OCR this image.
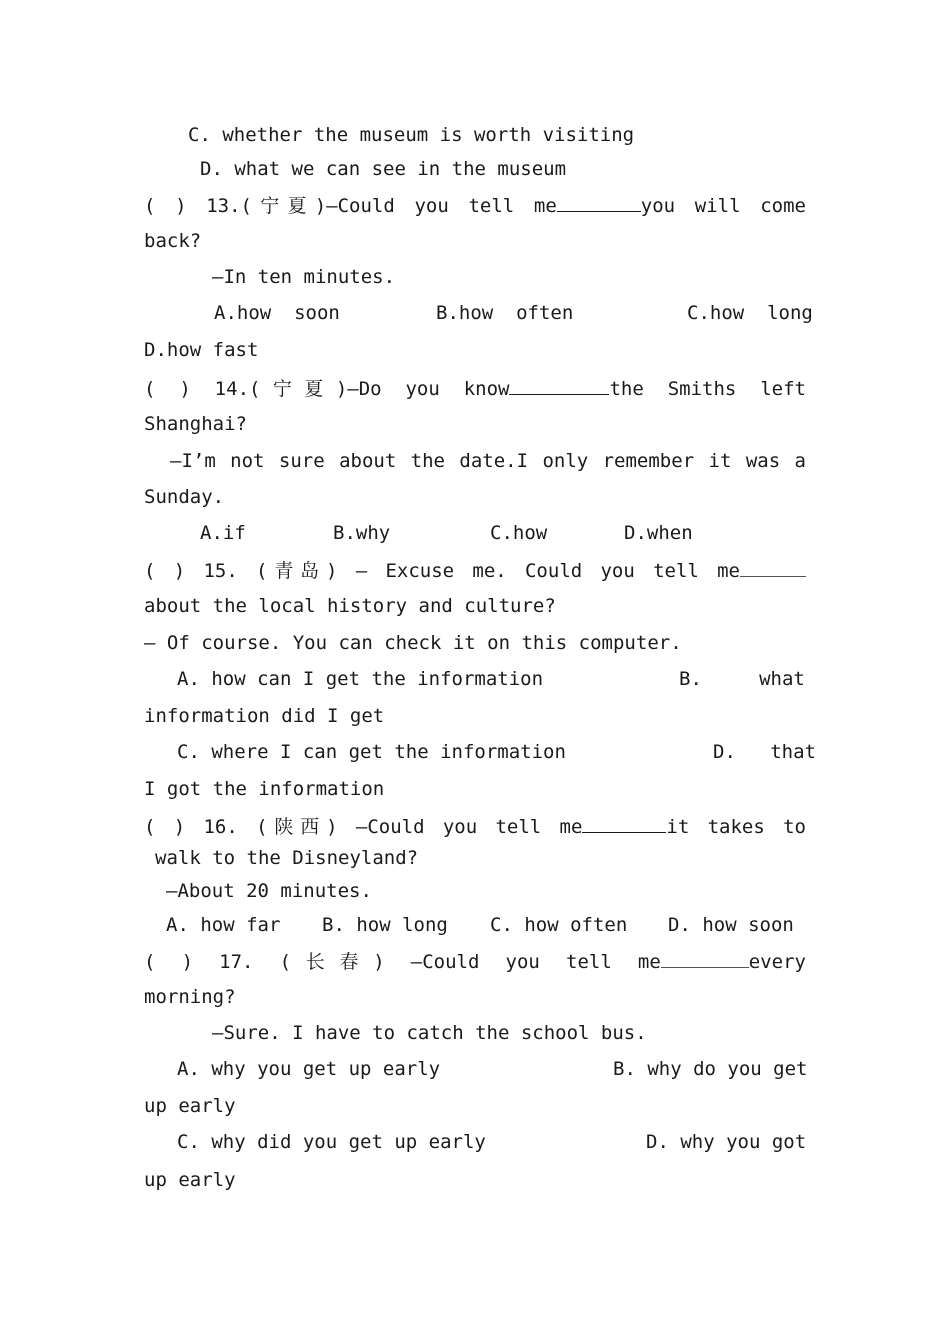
C. whether the museum is worth visiting
D. what we can see in the museum
( ) 13.(宁夏)—Could you tell me	you will come
back?
—In ten minutes.
A.how  soon	B.how  often	C.how  long
D.how fast
( ) 14.(宁夏)—Do you know	the Smiths left
Shanghai?
—I’m not sure about the date.I only remember it was a
Sunday.
A.if	B.why	C.how	D.when
( ) 15. (青岛) — Excuse me. Could you tell me
about the local history and culture?
— Of course. You can check it on this computer.
A. how can I get the information	B.     what
information did I get
C. where I can get the information	D.   that
I got the information
( ) 16. (陕西) —Could you tell me	it takes to
walk to the Disneyland?
—About 20 minutes.
A. how far B. how long C. how often D. how soon
( ) 17. (长春) —Could you tell me	every
morning?
—Sure. I have to catch the school bus.
A. why you get up early	B. why do you get
up early
C. why did you get up early	D. why you got
up early
